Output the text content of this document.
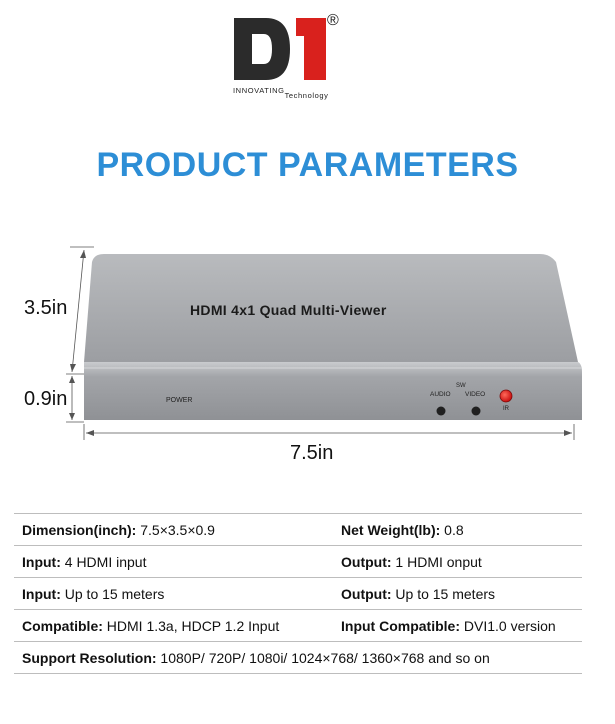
®
INNOVATINGTechnology
PRODUCT PARAMETERS
HDMI 4x1 Quad Multi-Viewer
POWER
SW
AUDIO VIDEO
IR
3.5in
0.9in
7.5in
Dimension(inch): 7.5×3.5×0.9	Net Weight(lb): 0.8
Input: 4 HDMI input	Output: 1 HDMI onput
Input: Up to 15 meters	Output: Up to 15 meters
Compatible: HDMI 1.3a, HDCP 1.2 Input	Input Compatible: DVI1.0 version
Support Resolution: 1080P/ 720P/ 1080i/ 1024×768/ 1360×768 and so on
